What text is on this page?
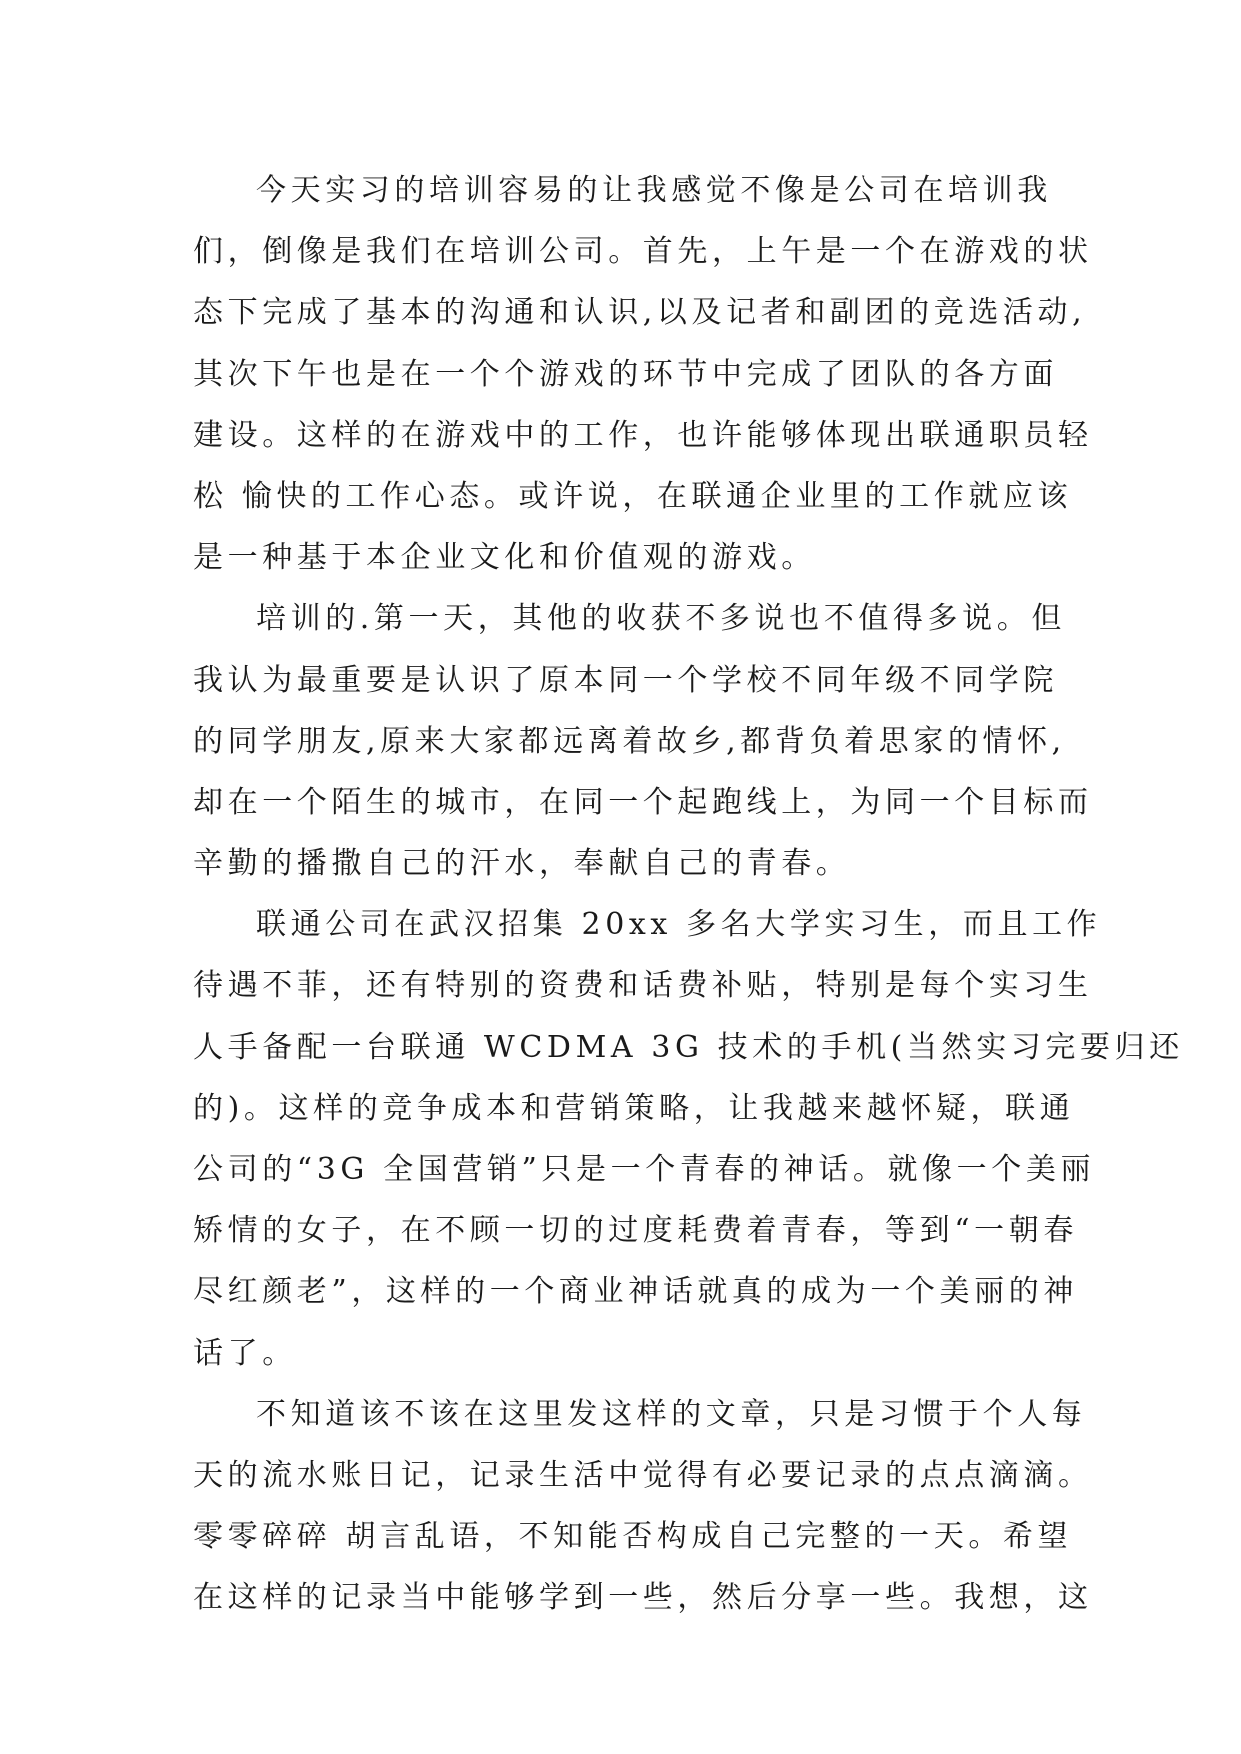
今天实习的培训容易的让我感觉不像是公司在培训我
们，倒像是我们在培训公司。首先，上午是一个在游戏的状
态下完成了基本的沟通和认识,以及记者和副团的竞选活动,
其次下午也是在一个个游戏的环节中完成了团队的各方面
建设。这样的在游戏中的工作，也许能够体现出联通职员轻
松 愉快的工作心态。或许说，在联通企业里的工作就应该
是一种基于本企业文化和价值观的游戏。
培训的.第一天，其他的收获不多说也不值得多说。但
我认为最重要是认识了原本同一个学校不同年级不同学院
的同学朋友,原来大家都远离着故乡,都背负着思家的情怀,
却在一个陌生的城市，在同一个起跑线上，为同一个目标而
辛勤的播撒自己的汗水，奉献自己的青春。
联通公司在武汉招集 20xx 多名大学实习生，而且工作
待遇不菲，还有特别的资费和话费补贴，特别是每个实习生
人手备配一台联通 WCDMA 3G 技术的手机(当然实习完要归还
的)。这样的竞争成本和营销策略，让我越来越怀疑，联通
公司的“3G 全国营销”只是一个青春的神话。就像一个美丽
矫情的女子，在不顾一切的过度耗费着青春，等到“一朝春
尽红颜老”，这样的一个商业神话就真的成为一个美丽的神
话了。
不知道该不该在这里发这样的文章，只是习惯于个人每
天的流水账日记，记录生活中觉得有必要记录的点点滴滴。
零零碎碎 胡言乱语，不知能否构成自己完整的一天。希望
在这样的记录当中能够学到一些，然后分享一些。我想，这
